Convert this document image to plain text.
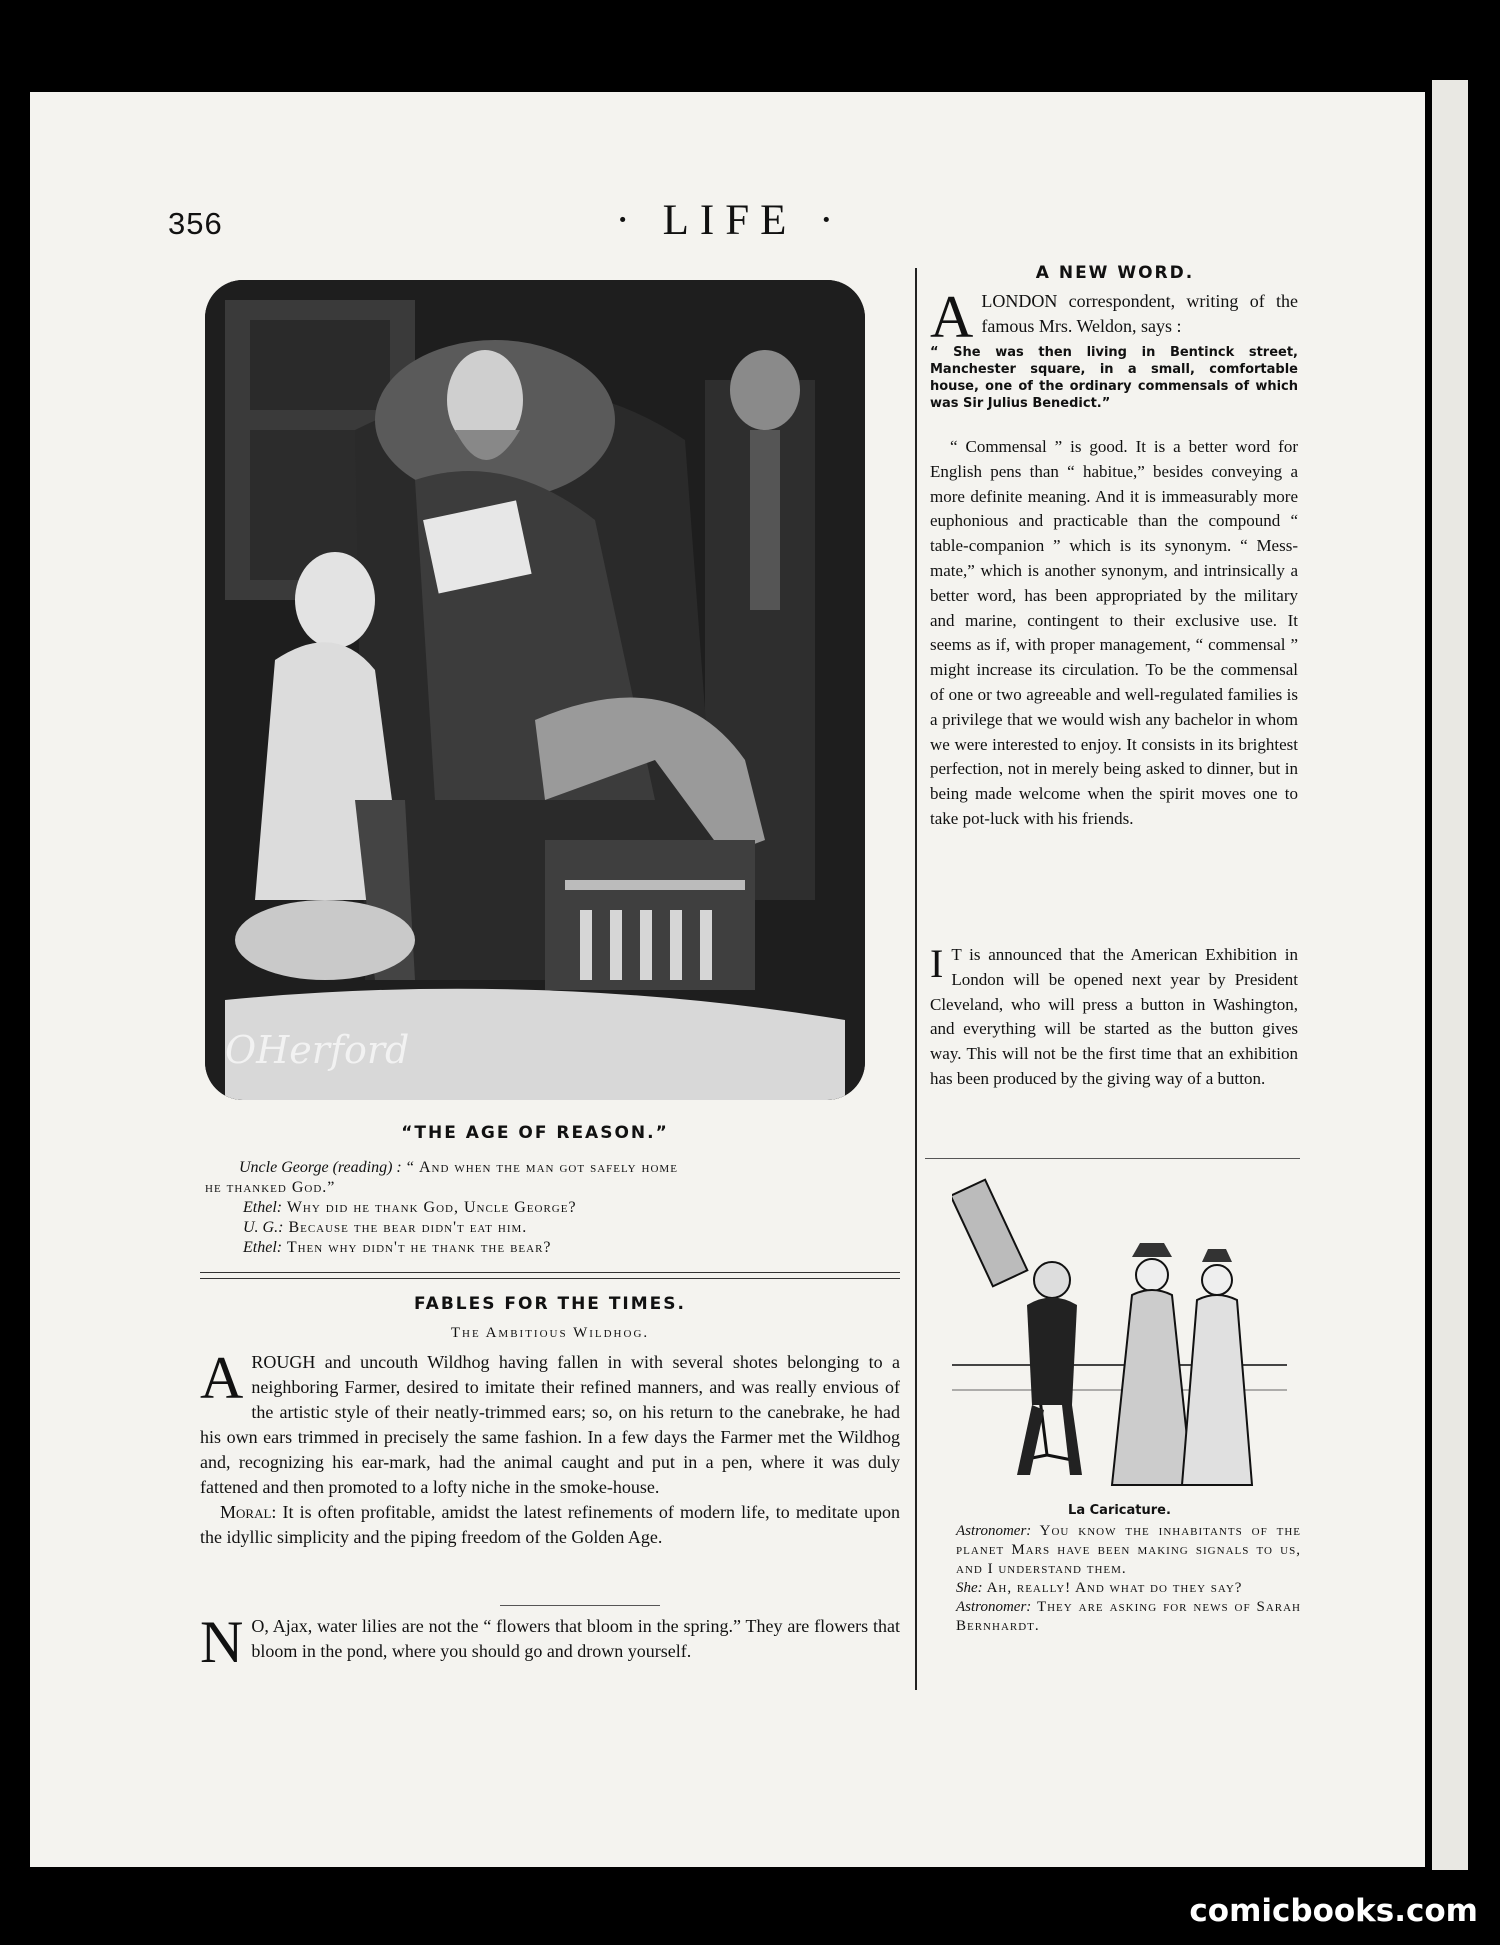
356	· LIFE ·
OHerford
“THE AGE OF REASON.”
Uncle George (reading) : “ And when the man got safely home
he thanked God.”
Ethel: Why did he thank God, Uncle George?
U. G.: Because the bear didn't eat him.
Ethel: Then why didn't he thank the bear?
FABLES FOR THE TIMES.
The Ambitious Wildhog.

AROUGH and uncouth Wildhog having fallen in with several shotes belonging to a neighboring Farmer, desired to imitate their refined manners, and was really envious of the artistic style of their neatly-trimmed ears; so, on his return to the canebrake, he had his own ears trimmed in precisely the same fashion. In a few days the Farmer met the Wildhog and, recognizing his ear-mark, had the animal caught and put in a pen, where it was duly fattened and then promoted to a lofty niche in the smoke-house.

Moral: It is often profitable, amidst the latest refinements of modern life, to meditate upon the idyllic simplicity and the piping freedom of the Golden Age.

N O, Ajax, water lilies are not the “ flowers that bloom in the spring.” They are flowers that bloom in the pond, where you should go and drown yourself.

A NEW WORD.

ALONDON correspondent, writing of the famous Mrs. Weldon, says :

“ She was then living in Bentinck street, Manchester square, in a small, comfortable house, one of the ordinary commensals of which was Sir Julius Benedict.”

“ Commensal ” is good. It is a better word for English pens than “ habitue,” besides conveying a more definite meaning. And it is immeasurably more euphonious and practicable than the compound “ table-companion ” which is its synonym. “ Mess-mate,” which is another synonym, and intrinsically a better word, has been appropriated by the military and marine, contingent to their exclusive use. It seems as if, with proper management, “ commensal ” might increase its circulation. To be the commensal of one or two agreeable and well-regulated families is a privilege that we would wish any bachelor in whom we were interested to enjoy. It consists in its brightest perfection, not in merely being asked to dinner, but in being made welcome when the spirit moves one to take pot-luck with his friends.

I T is announced that the American Exhibition in London will be opened next year by President Cleveland, who will press a button in Washington, and everything will be started as the button gives way. This will not be the first time that an exhibition has been produced by the giving way of a button.

La Caricature.
Astronomer: You know the inhabitants of the planet Mars have been making signals to us, and I understand them.
She: Ah, really! And what do they say?
Astronomer: They are asking for news of Sarah Bernhardt.
comicbooks.com
